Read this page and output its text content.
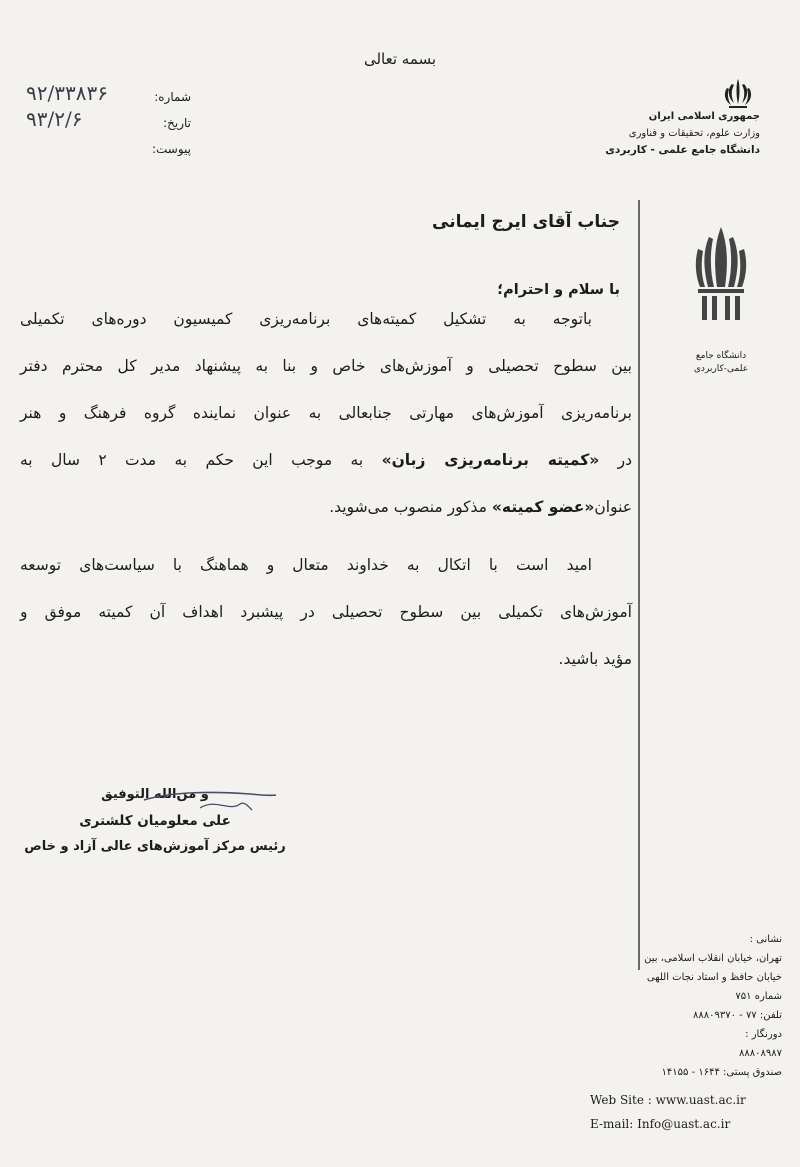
بسمه تعالی
شماره:
۹۲/۳۳۸۳۶
تاریخ:
۹۳/۲/۶
پیوست:
جمهوری اسلامی ایران
وزارت علوم، تحقیقات و فناوری
دانشگاه جامع علمی - کاربردی
دانشگاه جامع
علمی-کاربردی
جناب آقای ایرج ایمانی
با سلام و احترام؛
باتوجه به تشکیل کمیته‌های برنامه‌ریزی کمیسیون دوره‌های تکمیلی
بین سطوح تحصیلی و آموزش‌های خاص و بنا به پیشنهاد مدیر کل محترم دفتر
برنامه‌ریزی آموزش‌های مهارتی جنابعالی به عنوان نماینده گروه فرهنگ و هنر
در «کمیته برنامه‌ریزی زبان» به موجب این حکم به مدت ۲ سال به
عنوان«عضو کمیته» مذکور منصوب می‌شوید.
امید است با اتکال به خداوند متعال و هماهنگ با سیاست‌های توسعه
آموزش‌های تکمیلی بین سطوح تحصیلی در پیشبرد اهداف آن کمیته موفق و
مؤید باشید.
و من‌الله التوفیق
علی معلومیان کلشتری
رئیس مرکز آموزش‌های عالی آزاد و خاص
نشانی :
تهران، خیابان انقلاب اسلامی، بین
خیابان حافظ و استاد نجات اللهی
شماره ۷۵۱
تلفن: ۷۷ - ۸۸۸۰۹۳۷۰
دورنگار :
۸۸۸۰۸۹۸۷
صندوق پستی: ۱۶۴۴ - ۱۴۱۵۵
Web Site : www.uast.ac.ir
E-mail: Info@uast.ac.ir
